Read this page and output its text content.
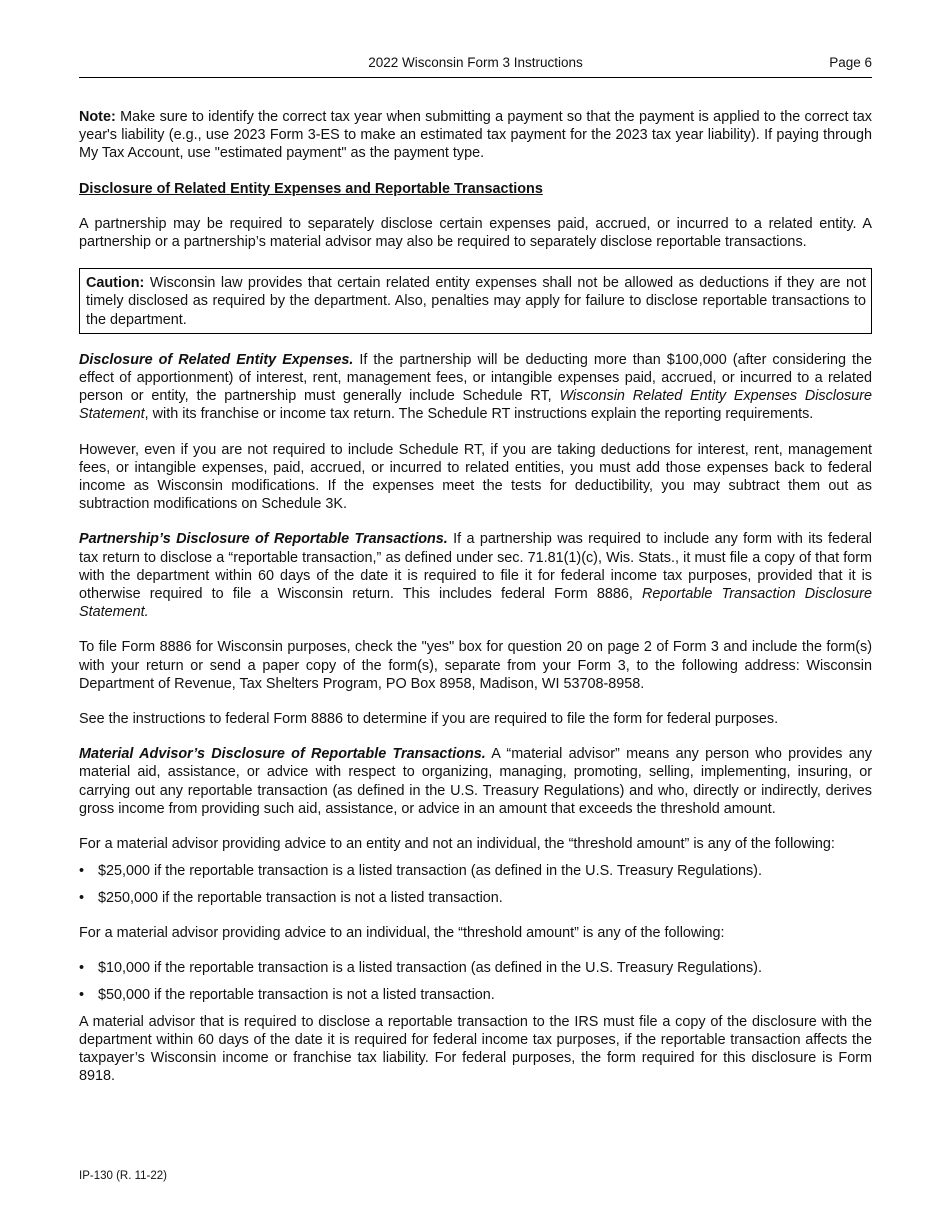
2022 Wisconsin Form 3 Instructions	Page 6

Note: Make sure to identify the correct tax year when submitting a payment so that the payment is applied to the correct tax year's liability (e.g., use 2023 Form 3-ES to make an estimated tax payment for the 2023 tax year liability). If paying through My Tax Account, use "estimated payment" as the payment type.

Disclosure of Related Entity Expenses and Reportable Transactions

A partnership may be required to separately disclose certain expenses paid, accrued, or incurred to a related entity. A partnership or a partnership’s material advisor may also be required to separately disclose reportable transactions.

Caution: Wisconsin law provides that certain related entity expenses shall not be allowed as deductions if they are not timely disclosed as required by the department. Also, penalties may apply for failure to disclose reportable transactions to the department.

Disclosure of Related Entity Expenses. If the partnership will be deducting more than $100,000 (after considering the effect of apportionment) of interest, rent, management fees, or intangible expenses paid, accrued, or incurred to a related person or entity, the partnership must generally include Schedule RT, Wisconsin Related Entity Expenses Disclosure Statement, with its franchise or income tax return. The Schedule RT instructions explain the reporting requirements.

However, even if you are not required to include Schedule RT, if you are taking deductions for interest, rent, management fees, or intangible expenses, paid, accrued, or incurred to related entities, you must add those expenses back to federal income as Wisconsin modifications. If the expenses meet the tests for deductibility, you may subtract them out as subtraction modifications on Schedule 3K.

Partnership’s Disclosure of Reportable Transactions. If a partnership was required to include any form with its federal tax return to disclose a “reportable transaction,” as defined under sec. 71.81(1)(c), Wis. Stats., it must file a copy of that form with the department within 60 days of the date it is required to file it for federal income tax purposes, provided that it is otherwise required to file a Wisconsin return. This includes federal Form 8886, Reportable Transaction Disclosure Statement.

To file Form 8886 for Wisconsin purposes, check the "yes" box for question 20 on page 2 of Form 3 and include the form(s) with your return or send a paper copy of the form(s), separate from your Form 3, to the following address: Wisconsin Department of Revenue, Tax Shelters Program, PO Box 8958, Madison, WI 53708-8958.

See the instructions to federal Form 8886 to determine if you are required to file the form for federal purposes.

Material Advisor’s Disclosure of Reportable Transactions. A “material advisor” means any person who provides any material aid, assistance, or advice with respect to organizing, managing, promoting, selling, implementing, insuring, or carrying out any reportable transaction (as defined in the U.S. Treasury Regulations) and who, directly or indirectly, derives gross income from providing such aid, assistance, or advice in an amount that exceeds the threshold amount.

For a material advisor providing advice to an entity and not an individual, the “threshold amount” is any of the following:

• $25,000 if the reportable transaction is a listed transaction (as defined in the U.S. Treasury Regulations).
• $250,000 if the reportable transaction is not a listed transaction.

For a material advisor providing advice to an individual, the “threshold amount” is any of the following:

• $10,000 if the reportable transaction is a listed transaction (as defined in the U.S. Treasury Regulations).
• $50,000 if the reportable transaction is not a listed transaction.

A material advisor that is required to disclose a reportable transaction to the IRS must file a copy of the disclosure with the department within 60 days of the date it is required for federal income tax purposes, if the reportable transaction affects the taxpayer’s Wisconsin income or franchise tax liability. For federal purposes, the form required for this disclosure is Form 8918.

IP-130 (R. 11-22)
